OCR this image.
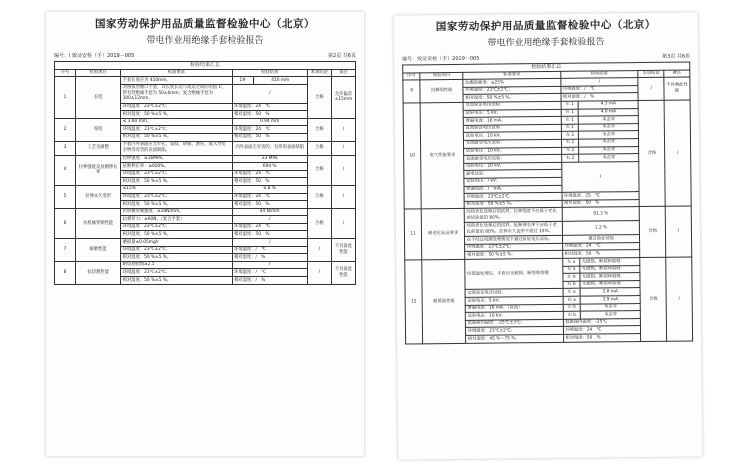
国家劳动保护用品质量监督检验中心（北京）
带电作业用绝缘手套检验报告
编号：l 致证安检（手）2019－005	第2页 共6页
检验结果汇总						
序号	检验项目	标准要求	检验结果		本项结论	备注
1	长度	手套长度应为 410mm。	1#	410 mm	合格	允许偏差±15mm
		对圆弧型袖口手套，其长度长边与短边之间的差值 L'，带有型绝缘手套为 50±6mm；复合绝缘手套为 100±12mm。	/			
		环境温度：23℃±2℃；	环境温度：24　℃			
		相对湿度：50 %±5 %。	相对湿度：50　%			
2	厚度	≤ 3.60 mm。	0.94 mm		合格	/
		环境温度：23℃±2℃；	环境温度：24　℃			
		相对湿度：50 %±5 %。	相对湿度：50　%			
3	工艺及做整	手套内外表面应无针孔、裂纹、砂眼、割伤、嵌入导电杂物等有害的表面缺陷。	内外表面无有害的、有形的表面缺陷		合格	/
4	拉伸强度及扯断伸长率	拉伸强度：≥16MPa。	23 MPa		合格	/
		扯断伸长率：≥600%。	694 %			
		环境温度：23℃±2℃；	环境温度：24　℃			
		相对湿度：50 %±5 %。	相对湿度：50　%			
5	拉伸永久变形	≤15%	0.8 %		合格	/
		环境温度：23℃±2℃；	环境温度：24　℃			
		相对湿度：50 %±5 %。	相对湿度：50　%			
6	抗机械穿刺性能	抗机械穿刺强度：≥18N/mm。	44 N/mm		合格	/
		抗刺穿力：≥60N。（复合手套）	/			
		环境温度：23℃±2℃；	环境温度：24　℃			
		相对湿度：50 %±5 %。	相对湿度：50　%			
7	耐磨性能	磨损量≤0.05mg/r	/		/	不具备此性能
		环境温度：23℃±2℃；	环境温度：/　℃			
		相对湿度：50 %±5 %。	相对湿度：/　%			
8	抗切割性能	耐切割指数≥2.5	/		/	不具备此性能
		环境温度：23℃±2℃；	环境温度：/　℃			
		相对湿度：50 %±5 %。	相对湿度：/　%			
国家劳动保护用品质量监督检验中心（北京）
带电作业用绝缘手套检验报告
编号：致证安检（手）2019－005	第3页 共6页
检验结果汇总						
序号	检验项目	标准要求	检验结果		本项结论	备注
9	抗撕裂性能	抗撕裂强度：≥25%	/		/	不具备此性能
		环境温度：23℃±2℃；	环境温度：/　℃			
		相对湿度：50 %±5 %。	相对湿度：/　%			
10	电气性能要求	交流验证电压试验：	左 1	4.3 mA	合格	/
		试验电压：5 kV；	右 1	4.0 mA		
		泄漏电流：16 mA。	左 1	未击穿		
		直流验证电压试验：	右 1	未击穿		
		试验电压：10 kV。	左 2	未击穿		
		交流耐受电压试验：	右 2	未击穿		
		试验电压：10 kV。	左 2	未击穿		
		直流耐受电压试验：	右 2	未击穿		
		试验电压：20 kV。	/			
		漏电试验：				
		试验电压：/ kV；				
		泄漏电流：/　mA。				
		环境温度：23℃±2℃；	环境温度：25　℃			
		相对湿度：50 %±5 %。	相对湿度：50　%			
11	耐老化验证要求	经热老化处理后的试样，拉伸强度不应低于老化前试验值的 80%。	91.3 %		合格	/
		经热老化处理后的试样，扯断伸长率不应低于老化前值的 80%。拉伸永久变形不超过 15%。	1.2 %			
		在不经过电测处理情况下通过验证电压试验。	通过验证试验			
		环境温度：23℃±2℃；	环境温度：24　℃			
		相对湿度：50 %±5 %。	相对湿度：50　%			
12	耐低温性能	经低温处理后，手套应无破损、断裂和裂缝	左 a	无破损、断裂和裂缝	合格	/
			右 a	无破损、断裂和裂缝		
			左 b	无破损、断裂和裂缝		
			右 b	无破损、断裂和裂缝		
		交流验证电压试验：	左 a	2.8 mA		
		试验电压：5 kV；	右 a	2.9 mA		
		泄漏电流：16 mA。（直流）	左 b	未击穿		
		试验电压：10 kV。	右 b	未击穿		
		低温箱内温度：-25℃±3℃；	低温箱内温度：-25℃			
		环境温度：23℃±2℃；	环境温度：24　℃			
		相对湿度：45 %～75 %。	相对湿度：50　%			
